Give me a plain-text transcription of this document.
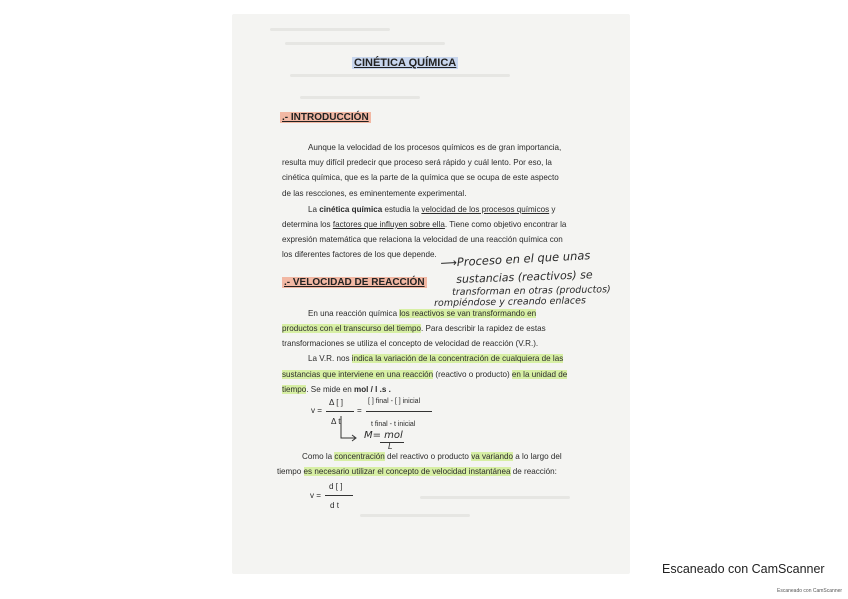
CINÉTICA QUÍMICA
.- INTRODUCCIÓN
Aunque la velocidad de los procesos químicos es de gran importancia,
resulta muy difícil predecir que proceso será rápido y cuál lento. Por eso, la
cinética química, que es la parte de la química que se ocupa de este aspecto
de las rescciones, es eminentemente experimental.
La cinética química estudia la velocidad de los procesos químicos y
determina los factores que influyen sobre ella. Tiene como objetivo encontrar la
expresión matemática que relaciona la velocidad de una reacción química con
los diferentes factores de los que depende.
.- VELOCIDAD DE REACCIÓN
⟶Proceso en el que unas
sustancias (reactivos) se
transforman en otras (productos)
rompiéndose y creando enlaces
En una reacción química los reactivos se van transformando en
productos con el transcurso del tiempo. Para describir la rapidez de estas
transformaciones se utiliza el concepto de velocidad de reacción (V.R.).
La V.R. nos indica la variación de la concentración de cualquiera de las
sustancias que interviene en una reacción (reactivo o producto) en la unidad de
tiempo. Se mide en mol / l .s .
v =
Δ [ ]
Δ t
=
[ ] final - [ ] inicial
t final - t inicial
M= mol
L
Como la concentración del reactivo o producto va variando a lo largo del
tiempo es necesario utilizar el concepto de velocidad instantánea de reacción:
v =
d [ ]
d t
Escaneado con CamScanner
Escaneado con CamScanner
